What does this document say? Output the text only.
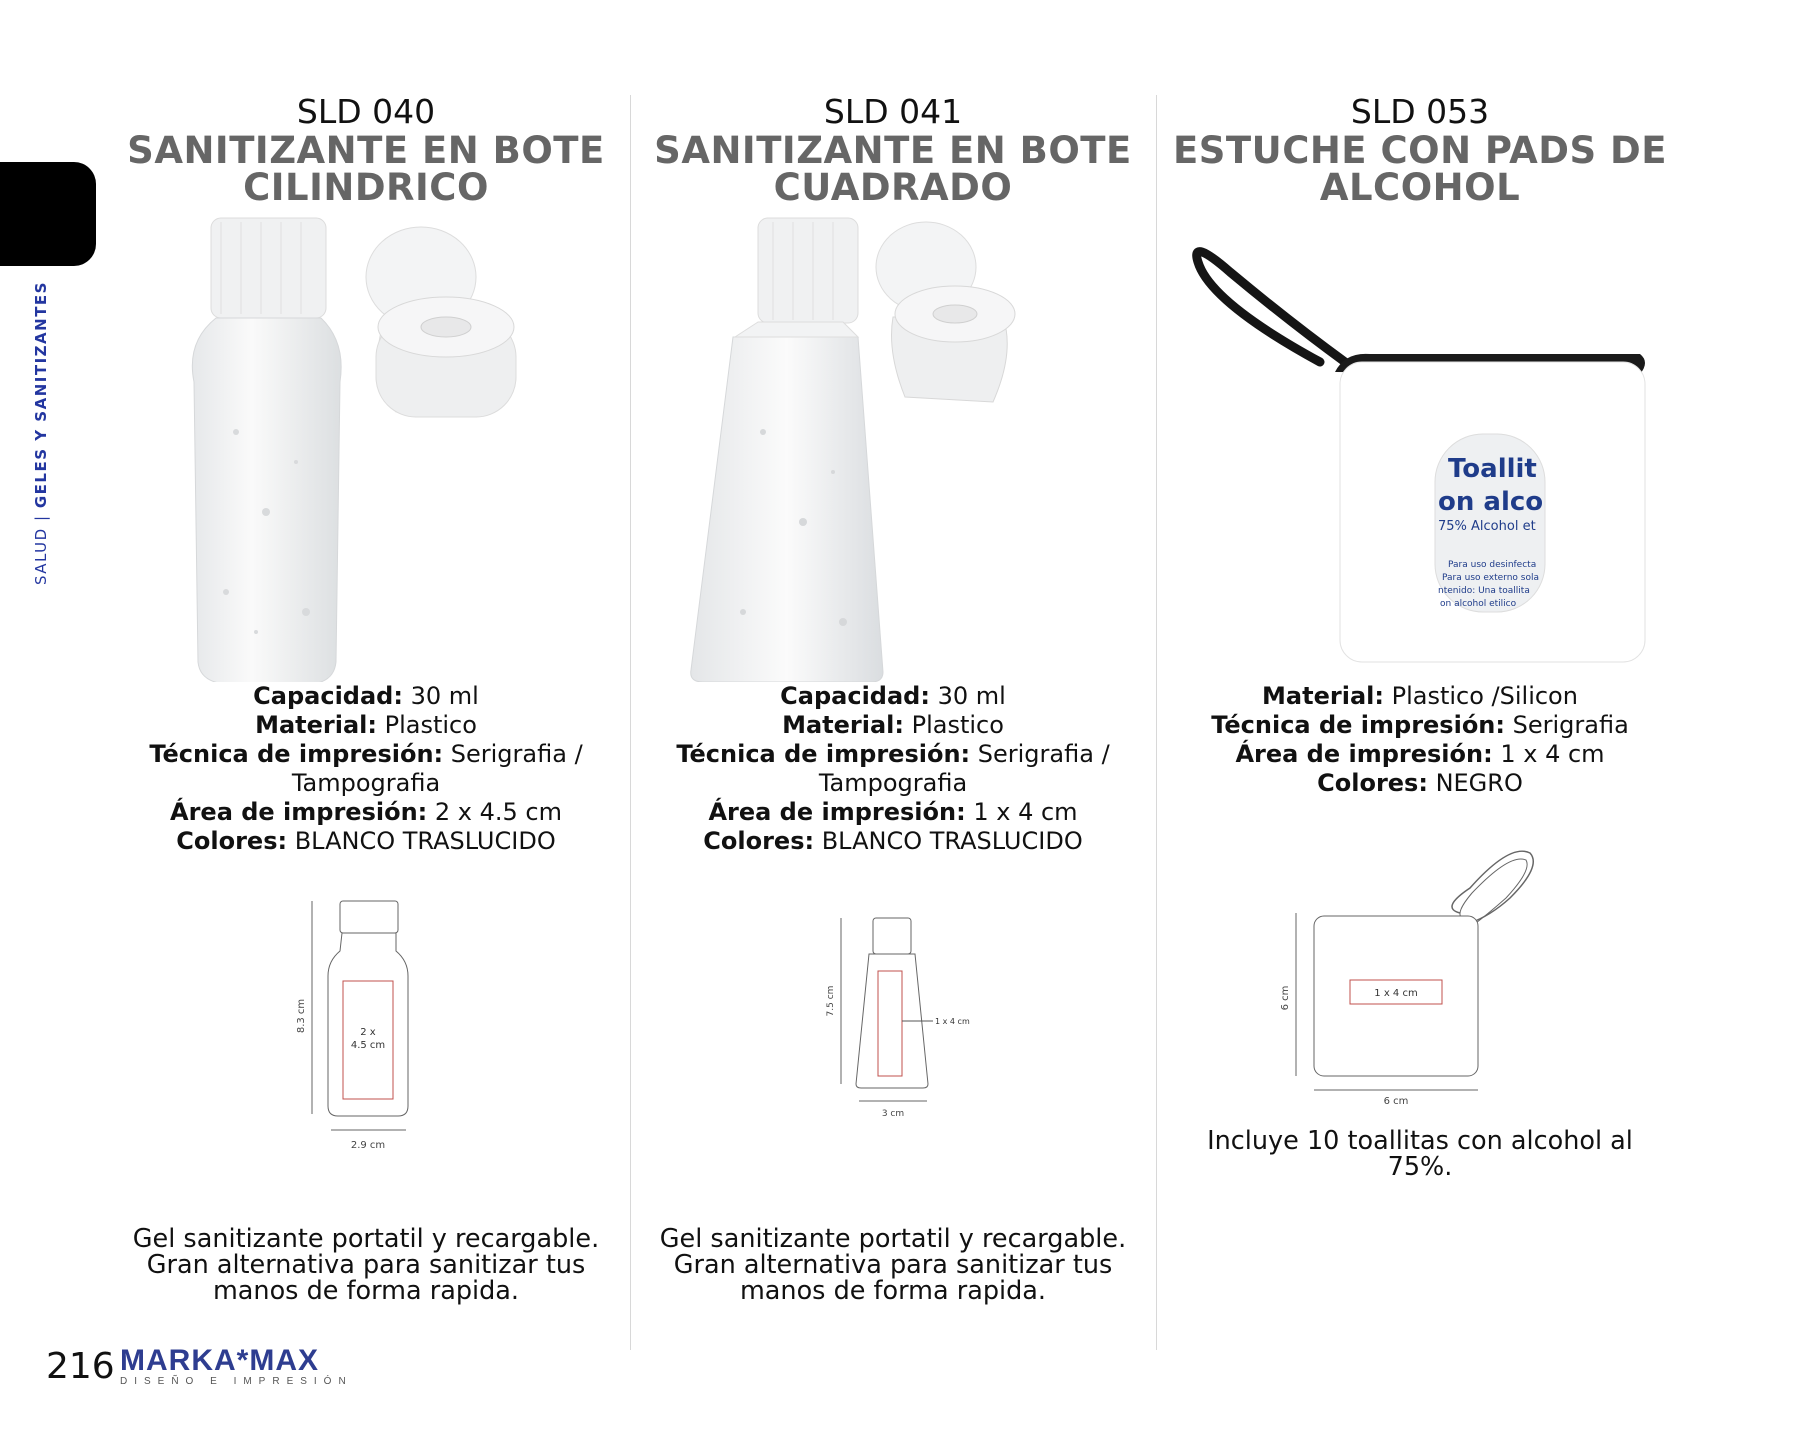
SALUD | GELES Y SANITIZANTES
SLD 040
SANITIZANTE EN BOTE CILINDRICO
Capacidad: 30 ml
Material: Plastico
Técnica de impresión: Serigrafia / Tampografia
Área de impresión: 2 x 4.5 cm
Colores: BLANCO TRASLUCIDO
8.3 cm	2 x
4.5 cm
2.9 cm
Gel sanitizante portatil y recargable. Gran alternativa para sanitizar tus manos de forma rapida.
SLD 041
SANITIZANTE EN BOTE CUADRADO
Capacidad: 30 ml
Material: Plastico
Técnica de impresión: Serigrafia / Tampografia
Área de impresión: 1 x 4 cm
Colores: BLANCO TRASLUCIDO
7.5 cm
1 x 4 cm
3 cm
Gel sanitizante portatil y recargable. Gran alternativa para sanitizar tus manos de forma rapida.
SLD 053
ESTUCHE CON PADS DE ALCOHOL
Toallit
on alco
75% Alcohol et
Para uso desinfecta
Para uso externo sola
ntenido: Una toallita
on alcohol etilico
Material: Plastico /Silicon
Técnica de impresión: Serigrafia
Área de impresión: 1 x 4 cm
Colores: NEGRO
6 cm	1 x 4 cm
6 cm
Incluye 10 toallitas con alcohol al 75%.
216 MARKA*MAX
DISEÑO E IMPRESIÓN
